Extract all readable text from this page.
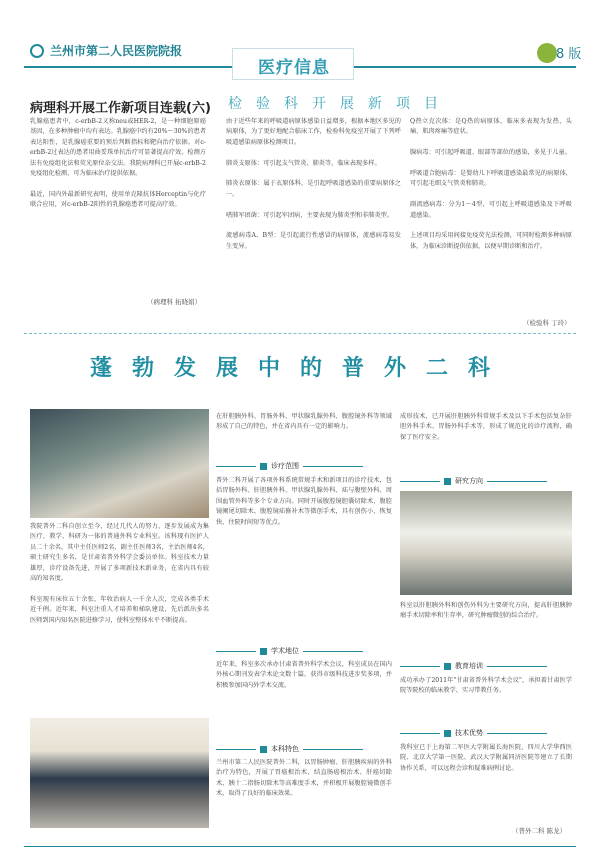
兰州市第二人民医院院报	8 版
医疗信息
病理科开展工作新项目连载(六)
乳腺癌患者中，c-erbB-2又称neu或HER-2，是一种细胞原癌基因，在多种肿瘤中均有表达。乳腺癌中约有20%～30%的患者表达阳性，是乳腺癌重要的预后判断指标和靶向治疗依据。对c-erbB-2过表达的患者用曲妥珠单抗治疗可显著提高疗效。检测方法有免疫组化法和荧光原位杂交法。我院病理科已开展c-erbB-2免疫组化检测，可为临床治疗提供依据。

最近，国内外最新研究表明，使用单克隆抗体Herceptin与化疗联合应用，对c-erbB-2阳性的乳腺癌患者可提高疗效。
（病理科 拓晓娟）
检验科开展新项目
由于近些年来的呼吸道病原体感染日益增多，根据本地区多见的病原体，为了更好地配合临床工作，检验科免疫室开展了下列呼吸道感染病原体检测项目。

肺炎支原体：可引起支气管炎、肺炎等，临床表现多样。

肺炎衣原体：属于衣原体科，是引起呼吸道感染的重要病原体之一。

嗜肺军团菌：可引起军团病，主要表现为肺炎型和非肺炎型。

流感病毒A、B型：是引起流行性感冒的病原体，流感病毒易发生变异。
Q热立克次体：是Q热的病原体，临床多表现为发热、头痛、肌肉疼痛等症状。

腺病毒：可引起呼吸道、眼部等部位的感染，多见于儿童。

呼吸道合胞病毒：是婴幼儿下呼吸道感染最常见的病原体，可引起毛细支气管炎和肺炎。

副流感病毒：分为1～4型，可引起上呼吸道感染及下呼吸道感染。

上述项目均采用间接免疫荧光法检测，可同时检测多种病原体，为临床诊断提供依据，以便早期诊断和治疗。
（检验科 丁玲）
蓬勃发展中的普外二科
我院普外二科自创立至今，经过几代人的努力，逐步发展成为集医疗、教学、科研为一体的普通外科专业科室。该科现有医护人员二十余名，其中主任医师2名，副主任医师3名，主治医师4名，硕士研究生多名，是甘肃省普外科学会委员单位。科室技术力量雄厚，诊疗设备先进，开展了多项新技术新业务，在省内具有较高的知名度。

科室现有床位五十余张，年收治病人一千余人次，完成各类手术近千例。近年来，科室注重人才培养和梯队建设，先后派出多名医师到国内知名医院进修学习，使科室整体水平不断提高。
在肝胆胰外科、胃肠外科、甲状腺乳腺外科、腹腔镜外科等领域形成了自己的特色，并在省内具有一定的影响力。
诊疗范围
普外二科开展了各项外科系统常规手术和新项目的诊疗技术，包括胃肠外科、肝胆胰外科、甲状腺乳腺外科、疝与腹壁外科、周围血管外科等多个专业方向。同时开展腹腔镜胆囊切除术、腹腔镜阑尾切除术、腹腔镜疝修补术等微创手术，具有创伤小、恢复快、住院时间短等优点。
学术地位
近年来，科室多次承办甘肃省普外科学术会议，科室成员在国内外核心期刊发表学术论文数十篇，获得市级科技进步奖多项，并积极参加国内外学术交流。
本科特色
兰州市第二人民医院普外二科，以胃肠肿瘤、肝胆胰疾病的外科治疗为特色，开展了胃癌根治术、结直肠癌根治术、肝癌切除术、胰十二指肠切除术等高难度手术，并积极开展腹腔镜微创手术，取得了良好的临床效果。
成形技术，已开展肝胆胰外科常规手术及以下手术包括复杂肝胆外科手术、胃肠外科手术等，形成了规范化的诊疗流程，确保了医疗安全。
研究方向
科室以肝胆胰外科和创伤外科为主要研究方向，提高肝胆胰肿瘤手术切除率和生存率，研究肿瘤微创的综合治疗。
教育培训
成功承办了2011年"甘肃省普外科学术会议"，承担着甘肃医学院等院校的临床教学、实习带教任务。
技术优势
我科室已于上海第二军医大学附属长海医院、四川大学华西医院、北京大学第一医院、武汉大学附属同济医院等建立了长期协作关系，可以远程会诊和疑难病例讨论。
（普外二科 陈龙）
